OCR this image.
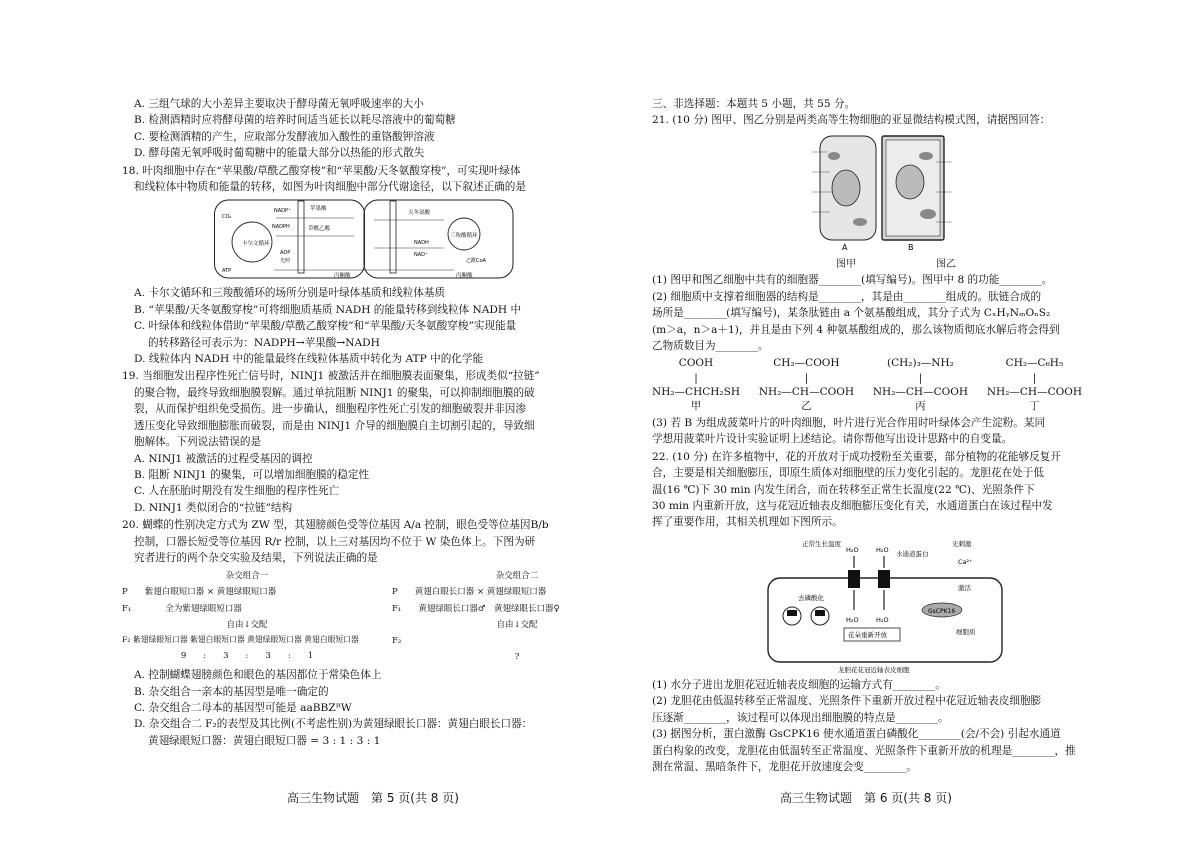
A. 三组气球的大小差异主要取决于酵母菌无氧呼吸速率的大小

B. 检测酒精时应将酵母菌的培养时间适当延长以耗尽溶液中的葡萄糖

C. 要检测酒精的产生，应取部分发酵液加入酸性的重铬酸钾溶液

D. 酵母菌无氧呼吸时葡萄糖中的能量大部分以热能的形式散失

18. 叶肉细胞中存在“苹果酸/草酰乙酸穿梭”和“苹果酸/天冬氨酸穿梭”，可实现叶绿体

和线粒体中物质和能量的转移，如图为叶肉细胞中部分代谢途径，以下叙述正确的是

卡尔文循环
三羧酸循环
苹果酸
草酰乙酸
天冬氨酸
NADP⁺
NADPH
NADH
NAD⁺
CO₂
乙酰CoA
ATP
ADP
光照
丙酮酸	丙酮酸

A. 卡尔文循环和三羧酸循环的场所分别是叶绿体基质和线粒体基质

B. “苹果酸/天冬氨酸穿梭”可将细胞质基质 NADH 的能量转移到线粒体 NADH 中

C. 叶绿体和线粒体借助“苹果酸/草酰乙酸穿梭”和“苹果酸/天冬氨酸穿梭”实现能量

的转移路径可表示为：NADPH→苹果酸→NADH

D. 线粒体内 NADH 中的能量最终在线粒体基质中转化为 ATP 中的化学能

19. 当细胞发出程序性死亡信号时，NINJ1 被激活并在细胞膜表面聚集，形成类似“拉链”

的聚合物，最终导致细胞膜裂解。通过单抗阻断 NINJ1 的聚集，可以抑制细胞膜的破

裂，从而保护组织免受损伤。进一步确认，细胞程序性死亡引发的细胞破裂并非因渗

透压变化导致细胞膨胀而破裂，而是由 NINJ1 介导的细胞膜自主切割引起的，导致细

胞解体。下列说法错误的是

A. NINJ1 被激活的过程受基因的调控

B. 阻断 NINJ1 的聚集，可以增加细胞膜的稳定性

C. 人在胚胎时期没有发生细胞的程序性死亡

D. NINJ1 类似闭合的“拉链”结构

20. 蝴蝶的性别决定方式为 ZW 型，其翅膀颜色受等位基因 A/a 控制，眼色受等位基因B/b

控制，口器长短受等位基因 R/r 控制，以上三对基因均不位于 W 染色体上。下图为研

究者进行的两个杂交实验及结果，下列说法正确的是

杂交组合一
P　　 紫翅白眼短口器 × 黄翅绿眼短口器
F₁　　　　	全为紫翅绿眼短口器
自由↓交配
F₂ 紫翅绿眼短口器 紫翅白眼短口器 黄翅绿眼短口器 黄翅白眼短口器
9　　:　　3　　:　　3　　:　　1
杂交组合二
P　　 黄翅白眼长口器 × 黄翅绿眼短口器
F₁　　 黄翅绿眼长口器♂　黄翅绿眼长口器♀
自由↓交配
F₂
?

A. 控制蝴蝶翅膀颜色和眼色的基因都位于常染色体上

B. 杂交组合一亲本的基因型是唯一确定的

C. 杂交组合二母本的基因型可能是 aaBBZᴿW

D. 杂交组合二 F₂的表型及其比例(不考虑性别)为黄翅绿眼长口器：黄翅白眼长口器：

黄翅绿眼短口器：黄翅白眼短口器 = 3 : 1 : 3 : 1

高三生物试题　第 5 页(共 8 页)

三、非选择题：本题共 5 小题，共 55 分。

21. (10 分) 图甲、图乙分别是两类高等生物细胞的亚显微结构模式图，请据图回答：

A	B
图甲	图乙

(1) 图甲和图乙细胞中共有的细胞器________(填写编号)。图甲中 8 的功能________。

(2) 细胞质中支撑着细胞器的结构是________，其是由________组成的。肽链合成的

场所是________(填写编号)，某条肽链由 a 个氨基酸组成，其分子式为 CₓHᵧNₘOₙS₂

(m＞a，n＞a＋1)，并且是由下列 4 种氨基酸组成的，那么该物质彻底水解后将会得到

乙物质数目为________。

COOH
|
NH₂—CHCH₂SH
甲
CH₂—COOH
|
NH₂—CH—COOH
乙
(CH₂)₃—NH₂
|
NH₂—CH—COOH
丙
CH₂—C₆H₅
|
NH₂—CH—COOH
丁

(3) 若 B 为组成菠菜叶片的叶肉细胞，叶片进行光合作用时叶绿体会产生淀粉。某同

学想用菠菜叶片设计实验证明上述结论。请你帮他写出设计思路中的自变量。

22. (10 分) 在许多植物中，花的开放对于成功授粉至关重要，部分植物的花能够反复开

合，主要是相关细胞膨压，即原生质体对细胞壁的压力变化引起的。龙胆花在处于低

温(16 ℃)下 30 min 内发生闭合，而在转移至正常生长温度(22 ℃)、光照条件下

30 min 内重新开放，这与花冠近轴表皮细胞膨压变化有关，水通道蛋白在该过程中发

挥了重要作用，其相关机理如下图所示。

正常生长温度
H₂O	H₂O
H₂O	H₂O
水通道蛋白
光刺激
Ca²⁺
激活
去磷酸化
GsCPK16
细胞质
花朵重新开放
龙胆花花冠近轴表皮细胞

(1) 水分子进出龙胆花冠近轴表皮细胞的运输方式有________。

(2) 龙胆花由低温转移至正常温度、光照条件下重新开放过程中花冠近轴表皮细胞膨

压逐渐________，该过程可以体现出细胞膜的特点是________。

(3) 据图分析，蛋白激酶 GsCPK16 使水通道蛋白磷酸化________(会/不会) 引起水通道

蛋白构象的改变，龙胆花由低温转至正常温度、光照条件下重新开放的机理是________，推

测在常温、黑暗条件下，龙胆花开放速度会变________。

高三生物试题　第 6 页(共 8 页)
